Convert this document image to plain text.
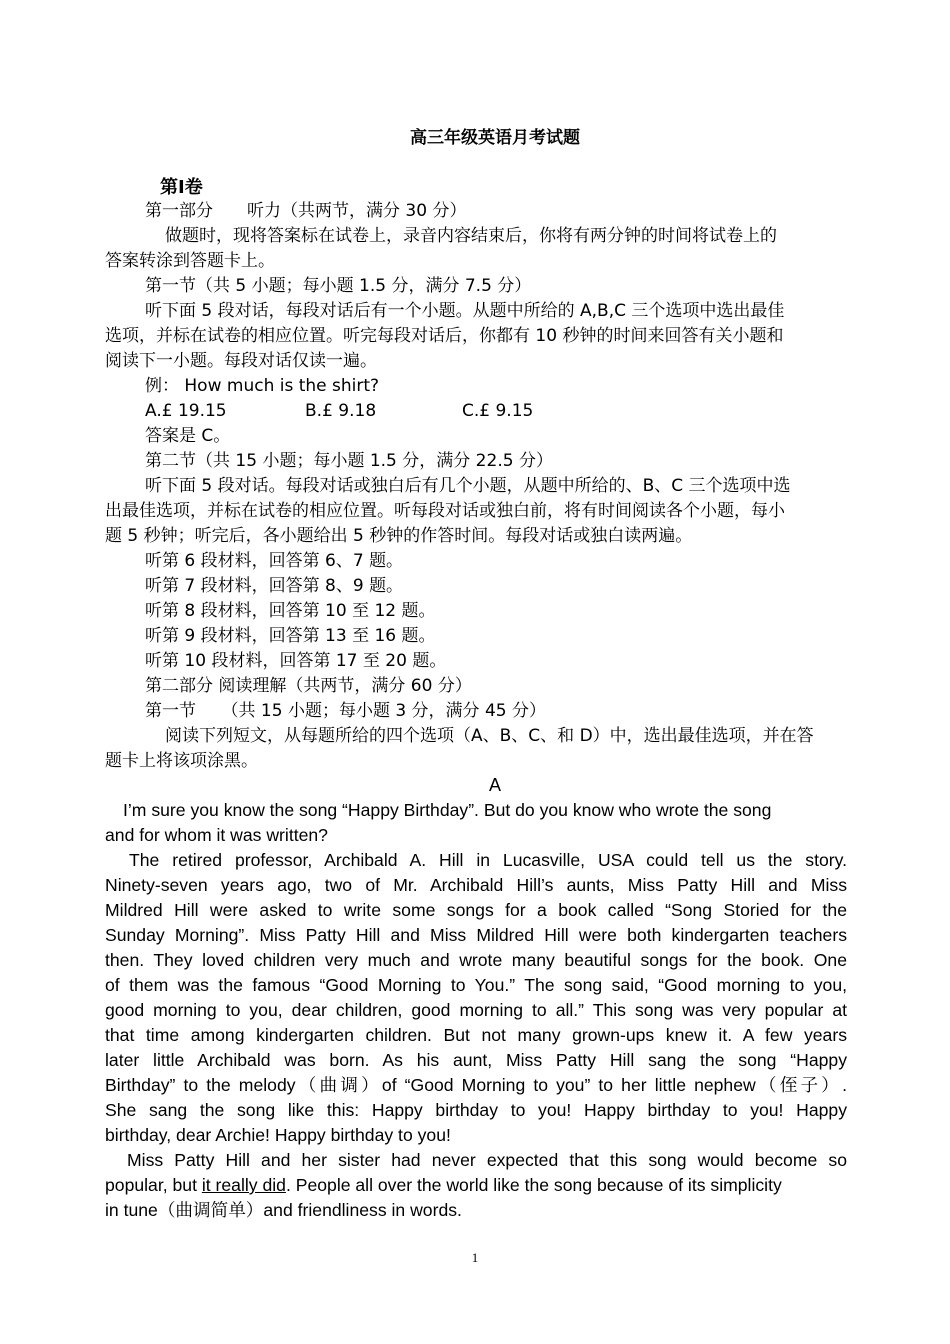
高三年级英语月考试题
第Ⅰ卷
第一部分　　听力（共两节，满分 30 分）
做题时，现将答案标在试卷上，录音内容结束后，你将有两分钟的时间将试卷上的
答案转涂到答题卡上。
第一节（共 5 小题；每小题 1.5 分，满分 7.5 分）
听下面 5 段对话，每段对话后有一个小题。从题中所给的 A,B,C 三个选项中选出最佳
选项，并标在试卷的相应位置。听完每段对话后，你都有 10 秒钟的时间来回答有关小题和
阅读下一小题。每段对话仅读一遍。
例： How much is the shirt?
A.£ 19.15	B.£ 9.18	C.£ 9.15
答案是 C。
第二节（共 15 小题；每小题 1.5 分，满分 22.5 分）
听下面 5 段对话。每段对话或独白后有几个小题，从题中所给的、B、C 三个选项中选
出最佳选项，并标在试卷的相应位置。听每段对话或独白前，将有时间阅读各个小题，每小
题 5 秒钟；听完后，各小题给出 5 秒钟的作答时间。每段对话或独白读两遍。
听第 6 段材料，回答第 6、7 题。
听第 7 段材料，回答第 8、9 题。
听第 8 段材料，回答第 10 至 12 题。
听第 9 段材料，回答第 13 至 16 题。
听第 10 段材料，回答第 17 至 20 题。
第二部分 阅读理解（共两节，满分 60 分）
第一节　　（共 15 小题；每小题 3 分，满分 45 分）
阅读下列短文，从每题所给的四个选项（A、B、C、和 D）中，选出最佳选项，并在答
题卡上将该项涂黑。
A
I’m sure you know the song “Happy Birthday”. But do you know who wrote the song
and for whom it was written?
The retired professor, Archibald A. Hill in Lucasville, USA could tell us the story.
Ninety-seven years ago, two of Mr. Archibald Hill’s aunts, Miss Patty Hill and Miss
Mildred Hill were asked to write some songs for a book called “Song Storied for the
Sunday Morning”. Miss Patty Hill and Miss Mildred Hill were both kindergarten teachers
then. They loved children very much and wrote many beautiful songs for the book. One
of them was the famous “Good Morning to You.” The song said, “Good morning to you,
good morning to you, dear children, good morning to all.” This song was very popular at
that time among kindergarten children. But not many grown-ups knew it. A few years
later little Archibald was born. As his aunt, Miss Patty Hill sang the song “Happy
Birthday” to the melody（曲调）of “Good Morning to you” to her little nephew（侄子）.
She sang the song like this: Happy birthday to you! Happy birthday to you! Happy
birthday, dear Archie! Happy birthday to you!
Miss Patty Hill and her sister had never expected that this song would become so
popular, but it really did. People all over the world like the song because of its simplicity
in tune（曲调简单）and friendliness in words.
1
